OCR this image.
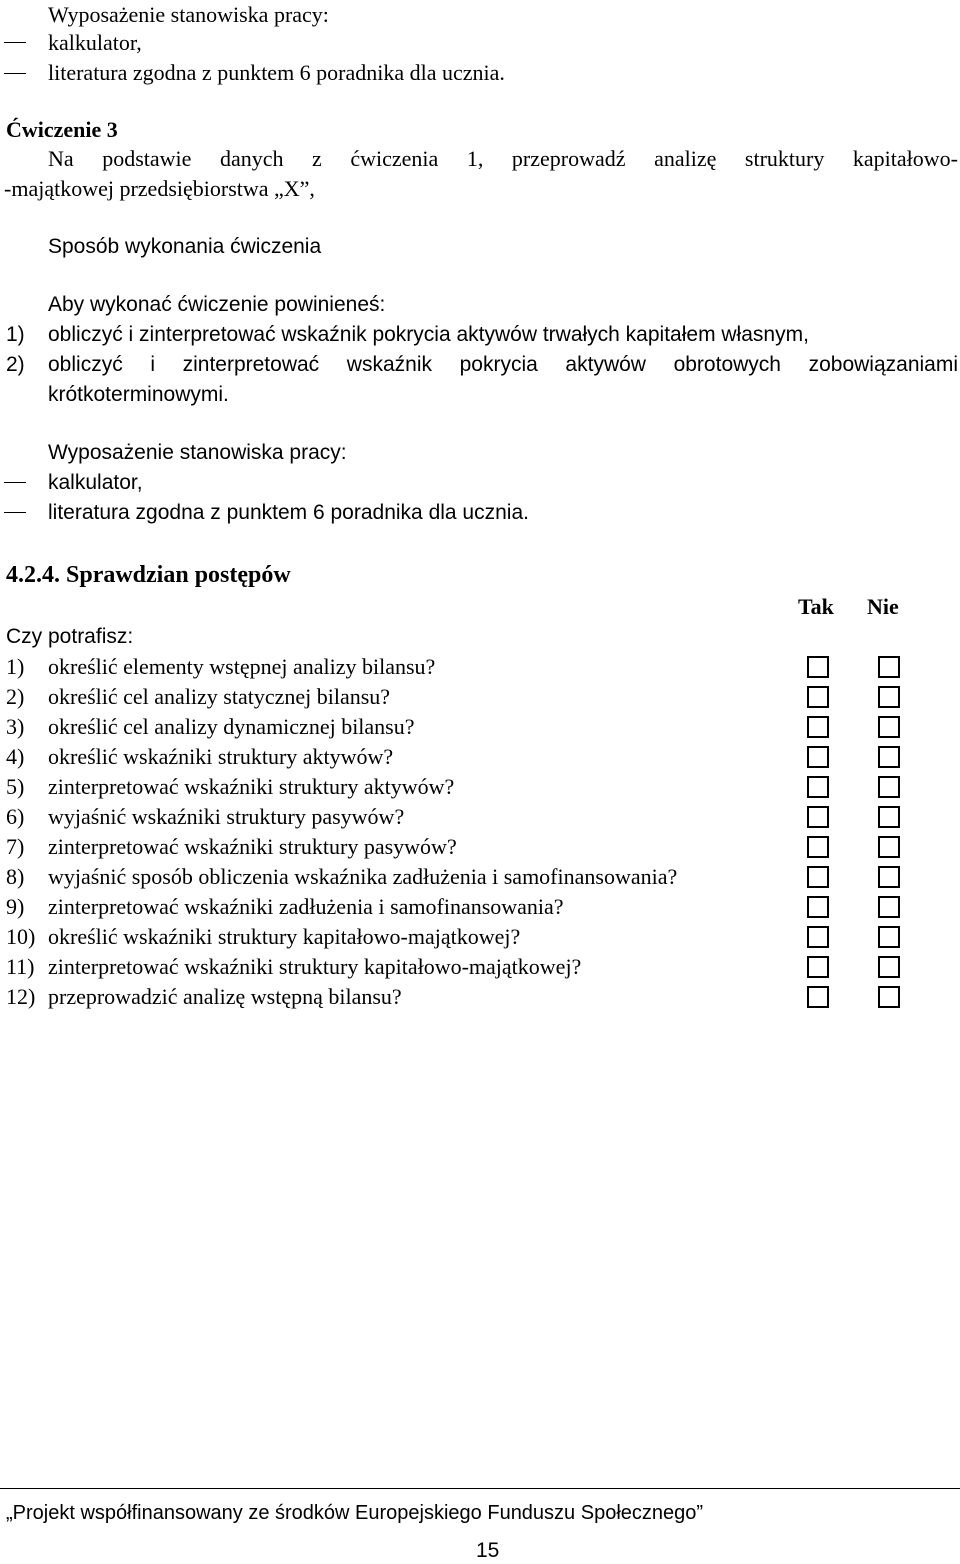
Wyposażenie stanowiska pracy:
kalkulator,
literatura zgodna z punktem 6 poradnika dla ucznia.
Ćwiczenie 3
Na podstawie danych z ćwiczenia 1, przeprowadź analizę struktury kapitałowo-
-majątkowej przedsiębiorstwa „X”,
Sposób wykonania ćwiczenia
Aby wykonać ćwiczenie powinieneś:
1) obliczyć i zinterpretować wskaźnik pokrycia aktywów trwałych kapitałem własnym,
2) obliczyć i zinterpretować wskaźnik pokrycia aktywów obrotowych zobowiązaniami
krótkoterminowymi.
Wyposażenie stanowiska pracy:
kalkulator,
literatura zgodna z punktem 6 poradnika dla ucznia.
4.2.4. Sprawdzian postępów
Tak Nie
Czy potrafisz:
1) określić elementy wstępnej analizy bilansu?
2) określić cel analizy statycznej bilansu?
3) określić cel analizy dynamicznej bilansu?
4) określić wskaźniki struktury aktywów?
5) zinterpretować wskaźniki struktury aktywów?
6) wyjaśnić wskaźniki struktury pasywów?
7) zinterpretować wskaźniki struktury pasywów?
8) wyjaśnić sposób obliczenia wskaźnika zadłużenia i samofinansowania?
9) zinterpretować wskaźniki zadłużenia i samofinansowania?
10) określić wskaźniki struktury kapitałowo-majątkowej?
11) zinterpretować wskaźniki struktury kapitałowo-majątkowej?
12) przeprowadzić analizę wstępną bilansu?
„Projekt współfinansowany ze środków Europejskiego Funduszu Społecznego”
15
